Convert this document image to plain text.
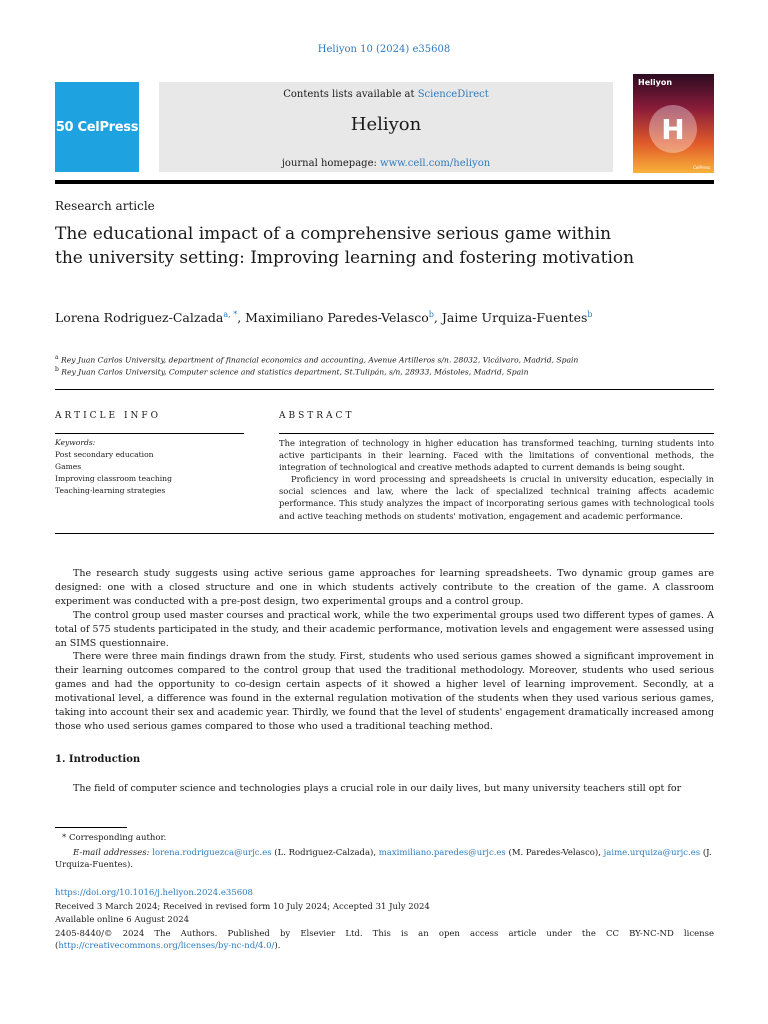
Heliyon 10 (2024) e35608
50 CelPress
Contents lists available at ScienceDirect
Heliyon
journal homepage: www.cell.com/heliyon
Heliyon
H
CelPress
Research article
The educational impact of a comprehensive serious game within the university setting: Improving learning and fostering motivation
Lorena Rodriguez-Calzada$^{a, *}$, Maximiliano Paredes-Velasco$^b$, Jaime Urquiza-Fuentes$^b$
$^a$ Rey Juan Carlos University, department of financial economics and accounting, Avenue Artilleros s/n. 28032, Vicálvaro, Madrid, Spain
$^b$ Rey Juan Carlos University, Computer science and statistics department, St.Tulipán, s/n, 28933, Móstoles, Madrid, Spain
ARTICLE INFO	ABSTRACT
Keywords:
Post secondary education
Games
Improving classroom teaching
Teaching-learning strategies

The integration of technology in higher education has transformed teaching, turning students into active participants in their learning. Faced with the limitations of conventional methods, the integration of technological and creative methods adapted to current demands is being sought.

Proficiency in word processing and spreadsheets is crucial in university education, especially in social sciences and law, where the lack of specialized technical training affects academic performance. This study analyzes the impact of incorporating serious games with technological tools and active teaching methods on students' motivation, engagement and academic performance.

The research study suggests using active serious game approaches for learning spreadsheets. Two dynamic group games are designed: one with a closed structure and one in which students actively contribute to the creation of the game. A classroom experiment was conducted with a pre-post design, two experimental groups and a control group.

The control group used master courses and practical work, while the two experimental groups used two different types of games. A total of 575 students participated in the study, and their academic performance, motivation levels and engagement were assessed using an SIMS questionnaire.

There were three main findings drawn from the study. First, students who used serious games showed a significant improvement in their learning outcomes compared to the control group that used the traditional methodology. Moreover, students who used serious games and had the opportunity to co-design certain aspects of it showed a higher level of learning improvement. Secondly, at a motivational level, a difference was found in the external regulation motivation of the students when they used various serious games, taking into account their sex and academic year. Thirdly, we found that the level of students' engagement dramatically increased among those who used serious games compared to those who used a traditional teaching method.

1. Introduction
The field of computer science and technologies plays a crucial role in our daily lives, but many university teachers still opt for
* Corresponding author.
E-mail addresses: lorena.rodriguezca@urjc.es (L. Rodriguez-Calzada), maximiliano.paredes@urjc.es (M. Paredes-Velasco), jaime.urquiza@urjc.es (J. Urquiza-Fuentes).
https://doi.org/10.1016/j.heliyon.2024.e35608
Received 3 March 2024; Received in revised form 10 July 2024; Accepted 31 July 2024
Available online 6 August 2024
2405-8440/© 2024 The Authors. Published by Elsevier Ltd. This is an open access article under the CC BY-NC-ND license (http://creativecommons.org/licenses/by-nc-nd/4.0/).
